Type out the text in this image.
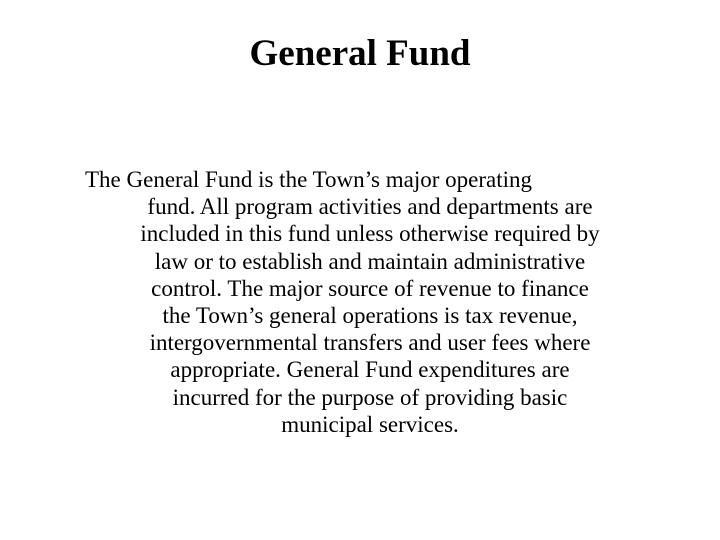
General Fund

The General Fund is the Town’s major operating
fund. All program activities and departments are
included in this fund unless otherwise required by
law or to establish and maintain administrative
control. The major source of revenue to finance
the Town’s general operations is tax revenue,
intergovernmental transfers and user fees where
appropriate. General Fund expenditures are
incurred for the purpose of providing basic
municipal services.
